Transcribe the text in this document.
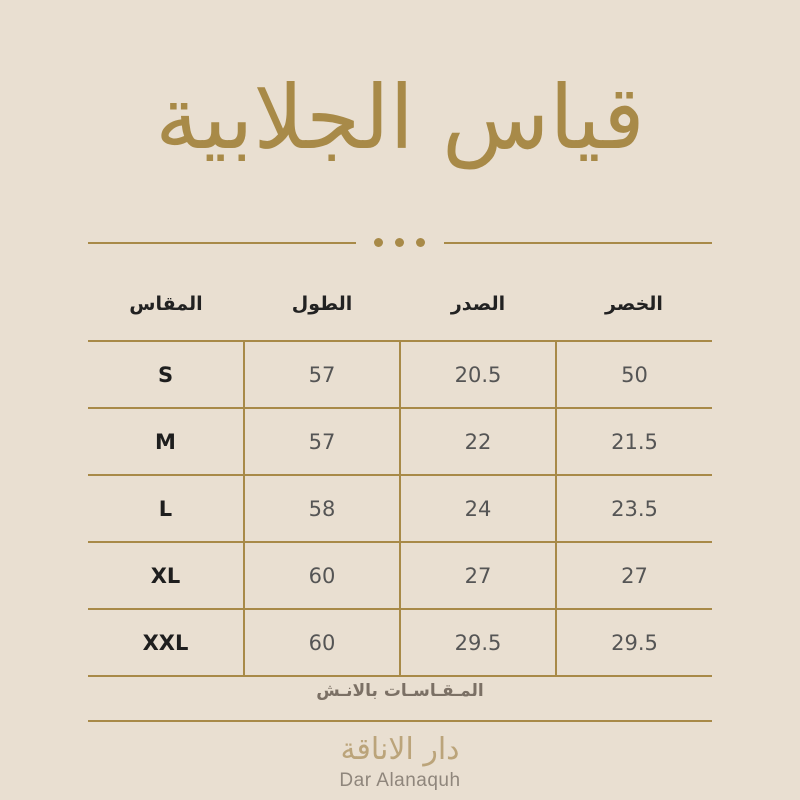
قياس الجلابية
الخصر	الصدر	الطول	المقاس
50	20.5	57	S
21.5	22	57	M
23.5	24	58	L
27	27	60	XL
29.5	29.5	60	XXL
المـقـاسـات بالانـش
دار الاناقة
Dar Alanaquh
